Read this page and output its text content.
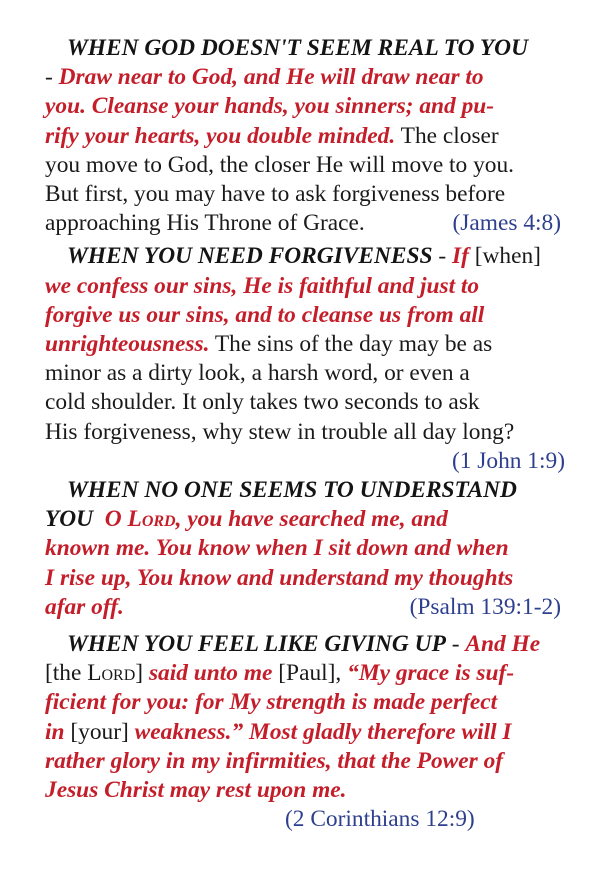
WHEN GOD DOESN'T SEEM REAL TO YOU
- Draw near to God, and He will draw near to
you. Cleanse your hands, you sinners; and pu-
rify your hearts, you double minded. The closer
you move to God, the closer He will move to you.
But first, you may have to ask forgiveness before
approaching His Throne of Grace.	(James 4:8)
WHEN YOU NEED FORGIVENESS - If [when]
we confess our sins, He is faithful and just to
forgive us our sins, and to cleanse us from all
unrighteousness. The sins of the day may be as
minor as a dirty look, a harsh word, or even a
cold shoulder. It only takes two seconds to ask
His forgiveness, why stew in trouble all day long?
(1 John 1:9)
WHEN NO ONE SEEMS TO UNDERSTAND
YOU O Lord, you have searched me, and
known me. You know when I sit down and when
I rise up, You know and understand my thoughts
afar off.	(Psalm 139:1-2)
WHEN YOU FEEL LIKE GIVING UP - And He
[the Lord] said unto me [Paul], “My grace is suf-
ficient for you: for My strength is made perfect
in [your] weakness.” Most gladly therefore will I
rather glory in my infirmities, that the Power of
Jesus Christ may rest upon me.
(2 Corinthians 12:9)
